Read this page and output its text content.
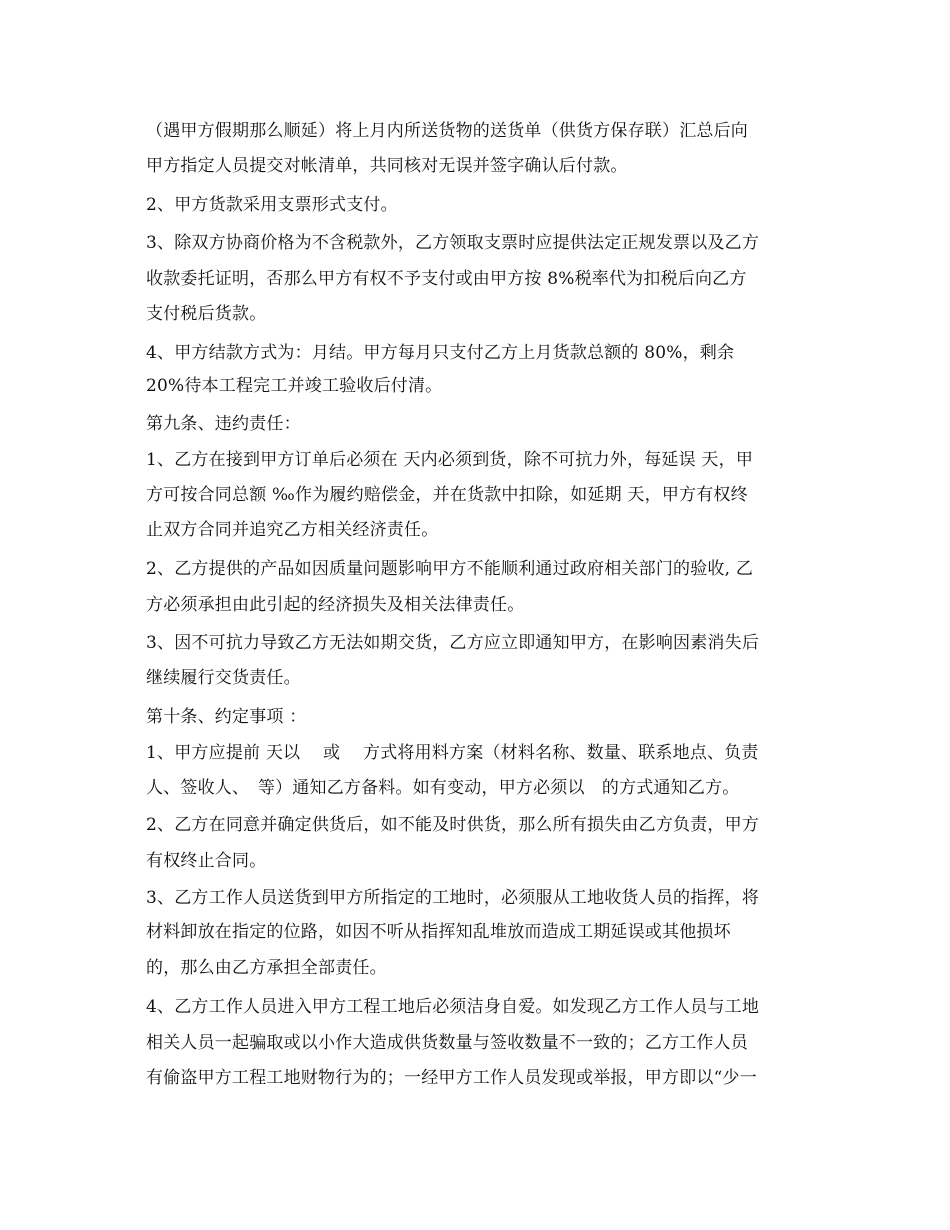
（遇甲方假期那么顺延）将上月内所送货物的送货单（供货方保存联）汇总后向
甲方指定人员提交对帐清单，共同核对无误并签字确认后付款。
2、甲方货款采用支票形式支付。
3、除双方协商价格为不含税款外，乙方领取支票时应提供法定正规发票以及乙方
收款委托证明，否那么甲方有权不予支付或由甲方按 8%税率代为扣税后向乙方
支付税后货款。
4、甲方结款方式为：月结。甲方每月只支付乙方上月货款总额的 80%，剩余
20%待本工程完工并竣工验收后付清。
第九条、违约责任：
1、乙方在接到甲方订单后必须在 天内必须到货，除不可抗力外，每延误 天，甲
方可按合同总额 ‰作为履约赔偿金，并在货款中扣除，如延期 天，甲方有权终
止双方合同并追究乙方相关经济责任。
2、乙方提供的产品如因质量问题影响甲方不能顺利通过政府相关部门的验收, 乙
方必须承担由此引起的经济损失及相关法律责任。
3、因不可抗力导致乙方无法如期交货，乙方应立即通知甲方，在影响因素消失后
继续履行交货责任。
第十条、约定事项 ：
1、甲方应提前 天以　 或　 方式将用料方案（材料名称、数量、联系地点、负责
人、签收人、　等）通知乙方备料。如有变动，甲方必须以　的方式通知乙方。
2、乙方在同意并确定供货后，如不能及时供货，那么所有损失由乙方负责，甲方
有权终止合同。
3、乙方工作人员送货到甲方所指定的工地时，必须服从工地收货人员的指挥，将
材料卸放在指定的位路，如因不听从指挥知乱堆放而造成工期延误或其他损坏
的，那么由乙方承担全部责任。
4、乙方工作人员进入甲方工程工地后必须洁身自爱。如发现乙方工作人员与工地
相关人员一起骗取或以小作大造成供货数量与签收数量不一致的；乙方工作人员
有偷盗甲方工程工地财物行为的；一经甲方工作人员发现或举报，甲方即以“少一
